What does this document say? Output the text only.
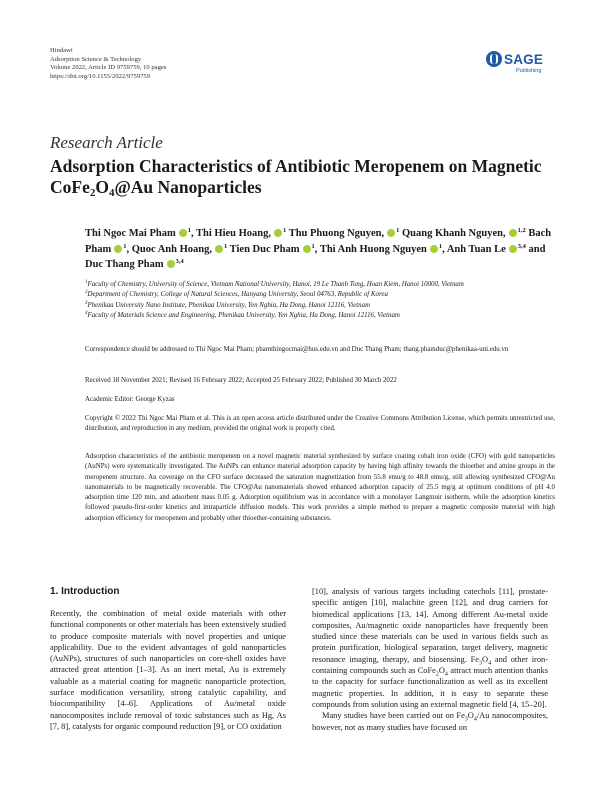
Hindawi
Adsorption Science & Technology
Volume 2022, Article ID 9759759, 10 pages
https://doi.org/10.1155/2022/9759759
SAGE
Publishing
Research Article
Adsorption Characteristics of Antibiotic Meropenem on Magnetic
$CoFe_2O_4@Au$ Nanoparticles
Thi Ngoc Mai Pham $^1$, Thi Hieu Hoang, $^1$ Thu Phuong Nguyen, $^1$ Quang Khanh Nguyen, $^{1,2}$ Bach Pham $^1$, Quoc Anh Hoang, $^1$ Tien Duc Pham $^1$, Thi Anh Huong Nguyen $^1$, Anh Tuan Le $^{3,4}$ and Duc Thang Pham $^{3,4}$
$^1$Faculty of Chemistry, University of Science, Vietnam National University, Hanoi, 19 Le Thanh Tong, Hoan Kiem, Hanoi 10000, Vietnam
$^2$Department of Chemistry, College of Natural Sciences, Hanyang University, Seoul 04763, Republic of Korea
$^3$Phenikaa University Nano Institute, Phenikaa University, Yen Nghia, Ha Dong, Hanoi 12116, Vietnam
$^4$Faculty of Materials Science and Engineering, Phenikaa University, Yen Nghia, Ha Dong, Hanoi 12116, Vietnam
Correspondence should be addressed to Thi Ngoc Mai Pham; phamthingocmai@hus.edu.vn and Duc Thang Pham; thang.phamduc@phenikaa-uni.edu.vn
Received 18 November 2021; Revised 16 February 2022; Accepted 25 February 2022; Published 30 March 2022
Academic Editor: George Kyzas
Copyright © 2022 Thi Ngoc Mai Pham et al. This is an open access article distributed under the Creative Commons Attribution License, which permits unrestricted use, distribution, and reproduction in any medium, provided the original work is properly cited.
Adsorption characteristics of the antibiotic meropenem on a novel magnetic material synthesized by surface coating cobalt iron oxide (CFO) with gold nanoparticles (AuNPs) were systematically investigated. The AuNPs can enhance material adsorption capacity by having high affinity towards the thioether and amine groups in the meropenem structure. Au coverage on the CFO surface decreased the saturation magnetization from 55.8 emu/g to 48.8 emu/g, still allowing synthesized CFO@Au nanomaterials to be magnetically recoverable. The CFO@Au nanomaterials showed enhanced adsorption capacity of 25.5 mg/g at optimum conditions of pH 4.0 adsorption time 120 min, and adsorbent mass 0.05 g. Adsorption equilibrium was in accordance with a monolayer Langmuir isotherm, while the adsorption kinetics followed pseudo-first-order kinetics and intraparticle diffusion models. This work provides a simple method to prepare a magnetic composite material with high adsorption efficiency for meropenem and probably other thioether-containing substances.
1. Introduction

Recently, the combination of metal oxide materials with other functional components or other materials has been extensively studied to produce composite materials with novel properties and unique applicability. Due to the evident advantages of gold nanoparticles (AuNPs), structures of such nanoparticles on core-shell oxides have attracted great attention [1–3]. As an inert metal, Au is extremely valuable as a material coating for magnetic nanoparticle protection, surface modification versatility, strong catalytic capability, and biocompatibility [4–6]. Applications of Au/metal oxide nanocomposites include removal of toxic substances such as Hg, As [7, 8], catalysts for organic compound reduction [9], or CO oxidation

[10], analysis of various targets including catechols [11], prostate-specific antigen [10], malachite green [12], and drug carriers for biomedical applications [13, 14]. Among different Au-metal oxide composites, Au/magnetic oxide nanoparticles have frequently been studied since these materials can be used in various fields such as protein purification, biological separation, target delivery, magnetic resonance imaging, therapy, and biosensing. $Fe_3O_4$ and other iron-containing compounds such as $CoFe_2O_4$ attract much attention thanks to the capacity for surface functionalization as well as its excellent magnetic properties. In addition, it is easy to separate these compounds from solution using an external magnetic field [4, 15–20].

Many studies have been carried out on $Fe_3O_4/Au$ nanocomposites, however, not as many studies have focused on
